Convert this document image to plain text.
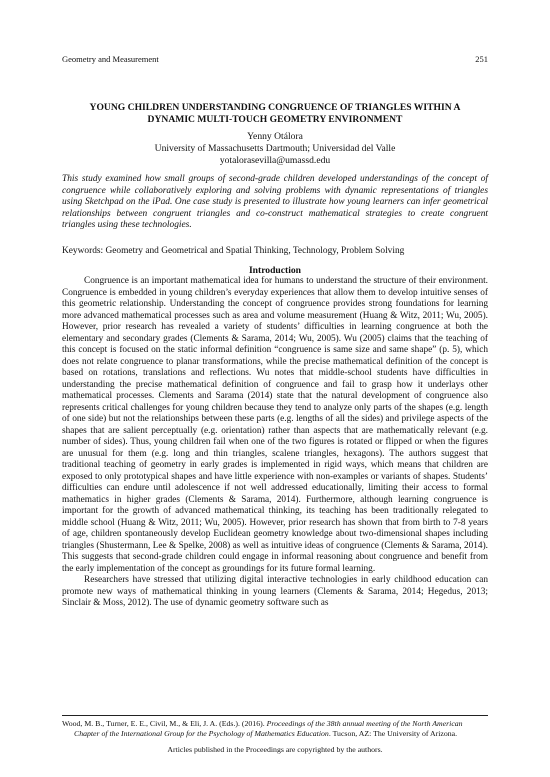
Geometry and Measurement	251
YOUNG CHILDREN UNDERSTANDING CONGRUENCE OF TRIANGLES WITHIN A
DYNAMIC MULTI-TOUCH GEOMETRY ENVIRONMENT
Yenny Otálora
University of Massachusetts Dartmouth; Universidad del Valle
yotalorasevilla@umassd.edu
This study examined how small groups of second-grade children developed understandings of the concept of congruence while collaboratively exploring and solving problems with dynamic representations of triangles using Sketchpad on the iPad. One case study is presented to illustrate how young learners can infer geometrical relationships between congruent triangles and co-construct mathematical strategies to create congruent triangles using these technologies.
Keywords: Geometry and Geometrical and Spatial Thinking, Technology, Problem Solving
Introduction

Congruence is an important mathematical idea for humans to understand the structure of their environment. Congruence is embedded in young children’s everyday experiences that allow them to develop intuitive senses of this geometric relationship. Understanding the concept of congruence provides strong foundations for learning more advanced mathematical processes such as area and volume measurement (Huang & Witz, 2011; Wu, 2005). However, prior research has revealed a variety of students’ difficulties in learning congruence at both the elementary and secondary grades (Clements & Sarama, 2014; Wu, 2005). Wu (2005) claims that the teaching of this concept is focused on the static informal definition “congruence is same size and same shape” (p. 5), which does not relate congruence to planar transformations, while the precise mathematical definition of the concept is based on rotations, translations and reflections. Wu notes that middle-school students have difficulties in understanding the precise mathematical definition of congruence and fail to grasp how it underlays other mathematical processes. Clements and Sarama (2014) state that the natural development of congruence also represents critical challenges for young children because they tend to analyze only parts of the shapes (e.g. length of one side) but not the relationships between these parts (e.g. lengths of all the sides) and privilege aspects of the shapes that are salient perceptually (e.g. orientation) rather than aspects that are mathematically relevant (e.g. number of sides). Thus, young children fail when one of the two figures is rotated or flipped or when the figures are unusual for them (e.g. long and thin triangles, scalene triangles, hexagons). The authors suggest that traditional teaching of geometry in early grades is implemented in rigid ways, which means that children are exposed to only prototypical shapes and have little experience with non-examples or variants of shapes. Students’ difficulties can endure until adolescence if not well addressed educationally, limiting their access to formal mathematics in higher grades (Clements & Sarama, 2014). Furthermore, although learning congruence is important for the growth of advanced mathematical thinking, its teaching has been traditionally relegated to middle school (Huang & Witz, 2011; Wu, 2005). However, prior research has shown that from birth to 7-8 years of age, children spontaneously develop Euclidean geometry knowledge about two-dimensional shapes including triangles (Shustermann, Lee & Spelke, 2008) as well as intuitive ideas of congruence (Clements & Sarama, 2014). This suggests that second-grade children could engage in informal reasoning about congruence and benefit from the early implementation of the concept as groundings for its future formal learning.

Researchers have stressed that utilizing digital interactive technologies in early childhood education can promote new ways of mathematical thinking in young learners (Clements & Sarama, 2014; Hegedus, 2013; Sinclair & Moss, 2012). The use of dynamic geometry software such as

Wood, M. B., Turner, E. E., Civil, M., & Eli, J. A. (Eds.). (2016). Proceedings of the 38th annual meeting of the North American Chapter of the International Group for the Psychology of Mathematics Education. Tucson, AZ: The University of Arizona.
Articles published in the Proceedings are copyrighted by the authors.
